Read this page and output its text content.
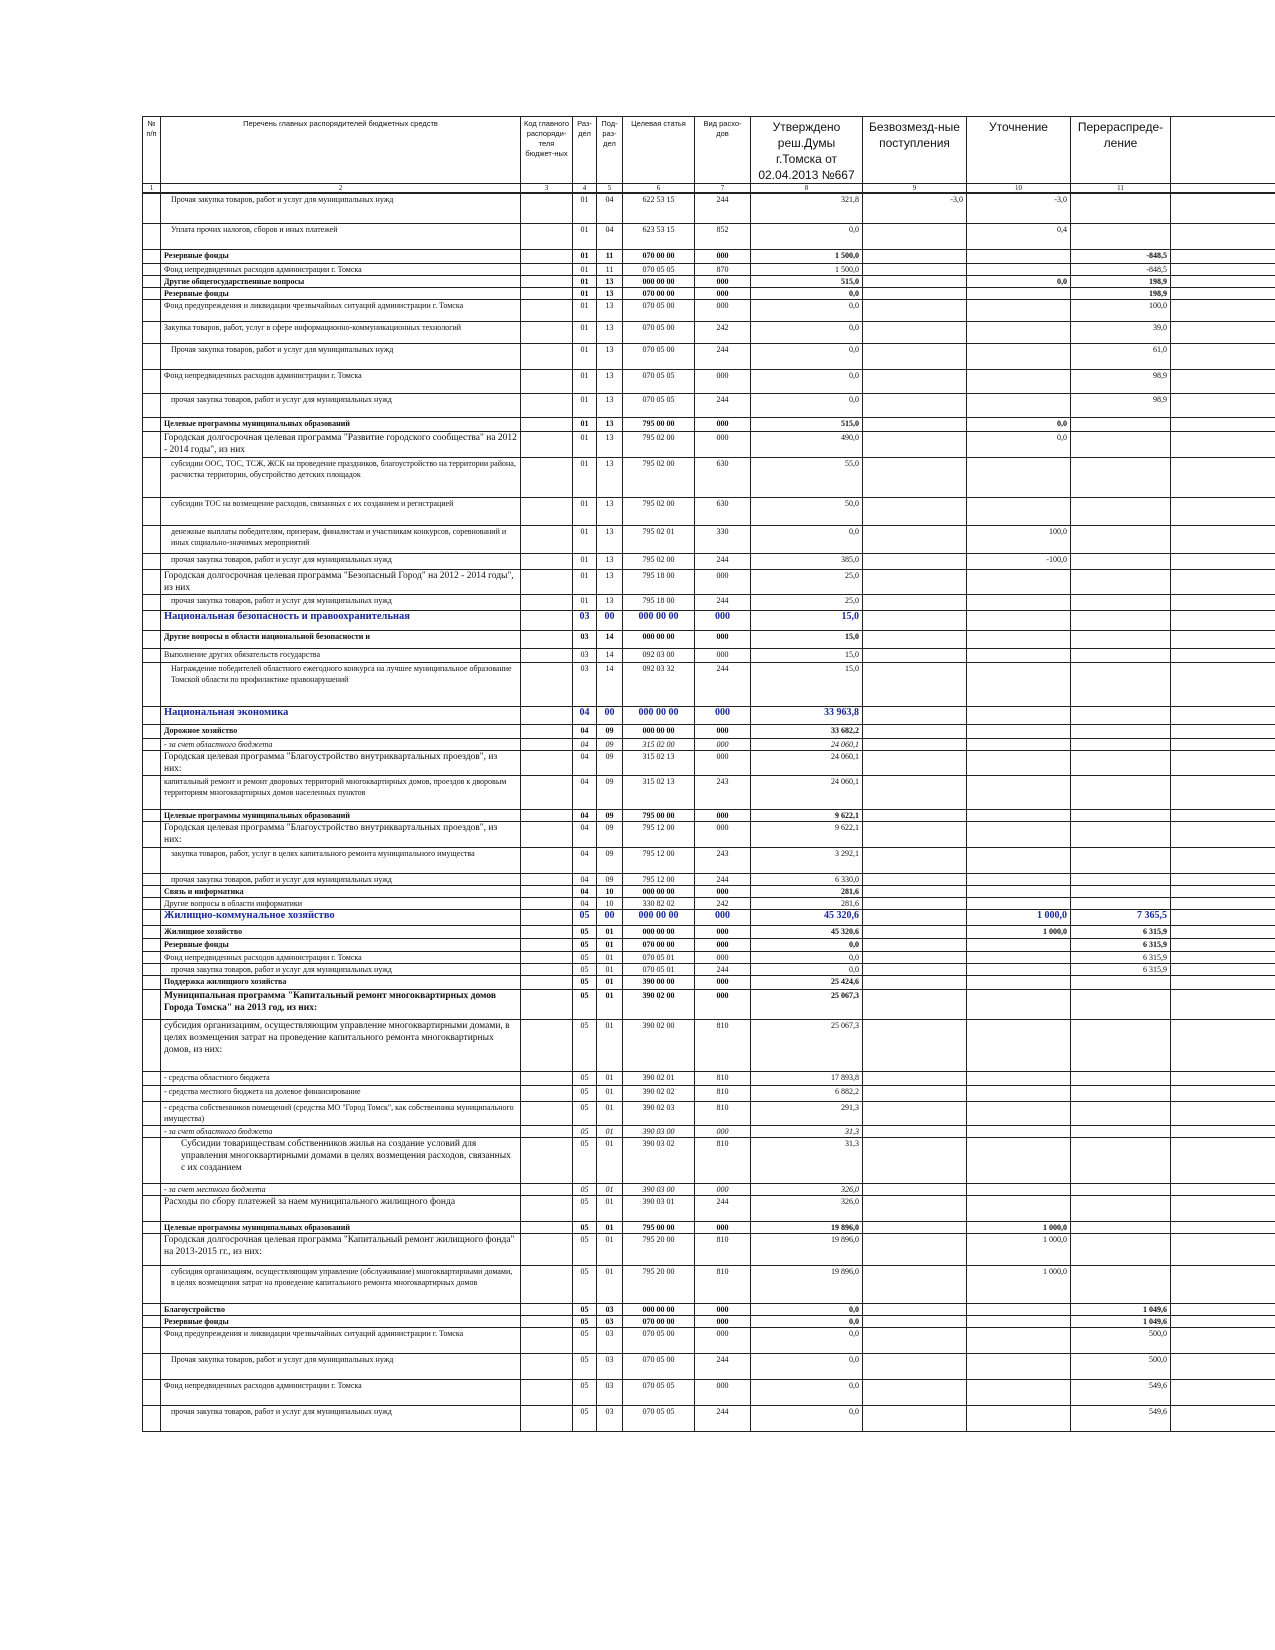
№ п/п	Перечень главных распорядителей бюджетных средств	Код главного распоряди-теля бюджет-ных	Раз-дел	Под-раз-дел	Целевая статья	Вид расхо-дов	Утверждено реш.Думы г.Томска от 02.04.2013 №667	Безвозмезд-ные поступления	Уточнение	Перераспреде-ление	
1	2	3	4	5	6	7	8	9	10	11	
	Прочая закупка товаров, работ и услуг для муниципальных нужд		01	04	622 53 15	244	321,8	-3,0	-3,0		
	Уплата прочих налогов, сборов и иных платежей		01	04	623 53 15	852	0,0		0,4		
	Резервные фонды		01	11	070 00 00	000	1 500,0			-848,5	
	Фонд непредвиденных расходов администрации г. Томска		01	11	070 05 05	870	1 500,0			-848,5	
	Другие общегосударственные вопросы		01	13	000 00 00	000	515,0		0,0	198,9	
	Резервные фонды		01	13	070 00 00	000	0,0			198,9	
	Фонд предупреждения и ликвидации чрезвычайных ситуаций администрации г. Томска		01	13	070 05 00	000	0,0			100,0	
	Закупка товаров, работ, услуг в сфере информационно-коммуникационных технологий		01	13	070 05 00	242	0,0			39,0	
	Прочая закупка товаров, работ и услуг для муниципальных нужд		01	13	070 05 00	244	0,0			61,0	
	Фонд непредвиденных расходов администрации г. Томска		01	13	070 05 05	000	0,0			98,9	
	прочая закупка товаров, работ и услуг для муниципальных нужд		01	13	070 05 05	244	0,0			98,9	
	Целевые программы муниципальных образований		01	13	795 00 00	000	515,0		0,0		
	Городская долгосрочная целевая программа "Развитие городского сообщества" на 2012 - 2014 годы", из них		01	13	795 02 00	000	490,0		0,0		
	субсидии ООС, ТОС, ТСЖ, ЖСК на проведение праздников, благоустройство на территории района, расчистка территории, обустройство детских площадок		01	13	795 02 00	630	55,0				
	субсидии ТОС на возмещение расходов, связанных с их созданием и регистрацией		01	13	795 02 00	630	50,0				
	денежные выплаты победителям, призерам, финалистам и участникам конкурсов, соревнований и иных социально-значимых мероприятий		01	13	795 02 01	330	0,0		100,0		
	прочая закупка товаров, работ и услуг для муниципальных нужд		01	13	795 02 00	244	385,0		-100,0		
	Городская долгосрочная целевая программа "Безопасный Город" на 2012 - 2014 годы", из них		01	13	795 18 00	000	25,0				
	прочая закупка товаров, работ и услуг для муниципальных нужд		01	13	795 18 00	244	25,0				
	Национальная безопасность и правоохранительная		03	00	000 00 00	000	15,0				
	Другие вопросы в области национальной безопасности и		03	14	000 00 00	000	15,0				
	Выполнение других обязательств государства		03	14	092 03 00	000	15,0				
	Награждение победителей областного ежегодного конкурса на лучшее муниципальное образование Томской области по профилактике правонарушений		03	14	092 03 32	244	15,0				
	Национальная экономика		04	00	000 00 00	000	33 963,8				
	Дорожное хозяйство		04	09	000 00 00	000	33 682,2				
	- за счет областного бюджета		04	09	315 02 00	000	24 060,1				
	Городская целевая программа "Благоустройство внутриквартальных проездов", из них:		04	09	315 02 13	000	24 060,1				
	капитальный ремонт и ремонт дворовых территорий многоквартирных домов, проездов к дворовым территориям многоквартирных домов населенных пунктов		04	09	315 02 13	243	24 060,1				
	Целевые программы муниципальных образований		04	09	795 00 00	000	9 622,1				
	Городская целевая программа "Благоустройство внутриквартальных проездов", из них:		04	09	795 12 00	000	9 622,1				
	закупка товаров, работ, услуг в целях капитального ремонта муниципального имущества		04	09	795 12 00	243	3 292,1				
	прочая закупка товаров, работ и услуг для муниципальных нужд		04	09	795 12 00	244	6 330,0				
	Связь и информатика		04	10	000 00 00	000	281,6				
	Другие вопросы в области информатики		04	10	330 82 02	242	281,6				
	Жилищно-коммунальное хозяйство		05	00	000 00 00	000	45 320,6		1 000,0	7 365,5	
	Жилищное хозяйство		05	01	000 00 00	000	45 320,6		1 000,0	6 315,9	
	Резервные фонды		05	01	070 00 00	000	0,0			6 315,9	
	Фонд непредвиденных расходов администрации г. Томска		05	01	070 05 01	000	0,0			6 315,9	
	прочая закупка товаров, работ и услуг для муниципальных нужд		05	01	070 05 01	244	0,0			6 315,9	
	Поддержка жилищного хозяйства		05	01	390 00 00	000	25 424,6				
	Муниципальная программа "Капитальный ремонт многоквартирных домов Города Томска" на 2013 год, из них:		05	01	390 02 00	000	25 067,3				
	субсидия организациям, осуществляющим управление многоквартирными домами, в целях возмещения затрат на проведение капитального ремонта многоквартирных домов, из них:		05	01	390 02 00	810	25 067,3				
	- средства областного бюджета		05	01	390 02 01	810	17 893,8				
	- средства местного бюджета на долевое финансирование		05	01	390 02 02	810	6 882,2				
	- средства собственников помещений (средства МО "Город Томск", как собственника муниципального имущества)		05	01	390 02 03	810	291,3				
	- за счет областного бюджета		05	01	390 03 00	000	31,3				
	Субсидии товариществам собственников жилья на создание условий для управления многоквартирными домами в целях возмещения расходов, связанных с их созданием		05	01	390 03 02	810	31,3				
	- за счет местного бюджета		05	01	390 03 00	000	326,0				
	Расходы по сбору платежей за наем муниципального жилищного фонда		05	01	390 03 01	244	326,0				
	Целевые программы муниципальных образований		05	01	795 00 00	000	19 896,0		1 000,0		
	Городская долгосрочная целевая программа "Капитальный ремонт жилищного фонда" на 2013-2015 гг., из них:		05	01	795 20 00	810	19 896,0		1 000,0		
	субсидия организациям, осуществляющим управление (обслуживание) многоквартирными домами, в целях возмещения затрат на проведение капитального ремонта многоквартирных домов		05	01	795 20 00	810	19 896,0		1 000,0		
	Благоустройство		05	03	000 00 00	000	0,0			1 049,6	
	Резервные фонды		05	03	070 00 00	000	0,0			1 049,6	
	Фонд предупреждения и ликвидации чрезвычайных ситуаций администрации г. Томска		05	03	070 05 00	000	0,0			500,0	
	Прочая закупка товаров, работ и услуг для муниципальных нужд		05	03	070 05 00	244	0,0			500,0	
	Фонд непредвиденных расходов администрации г. Томска		05	03	070 05 05	000	0,0			549,6	
	прочая закупка товаров, работ и услуг для муниципальных нужд		05	03	070 05 05	244	0,0			549,6	
